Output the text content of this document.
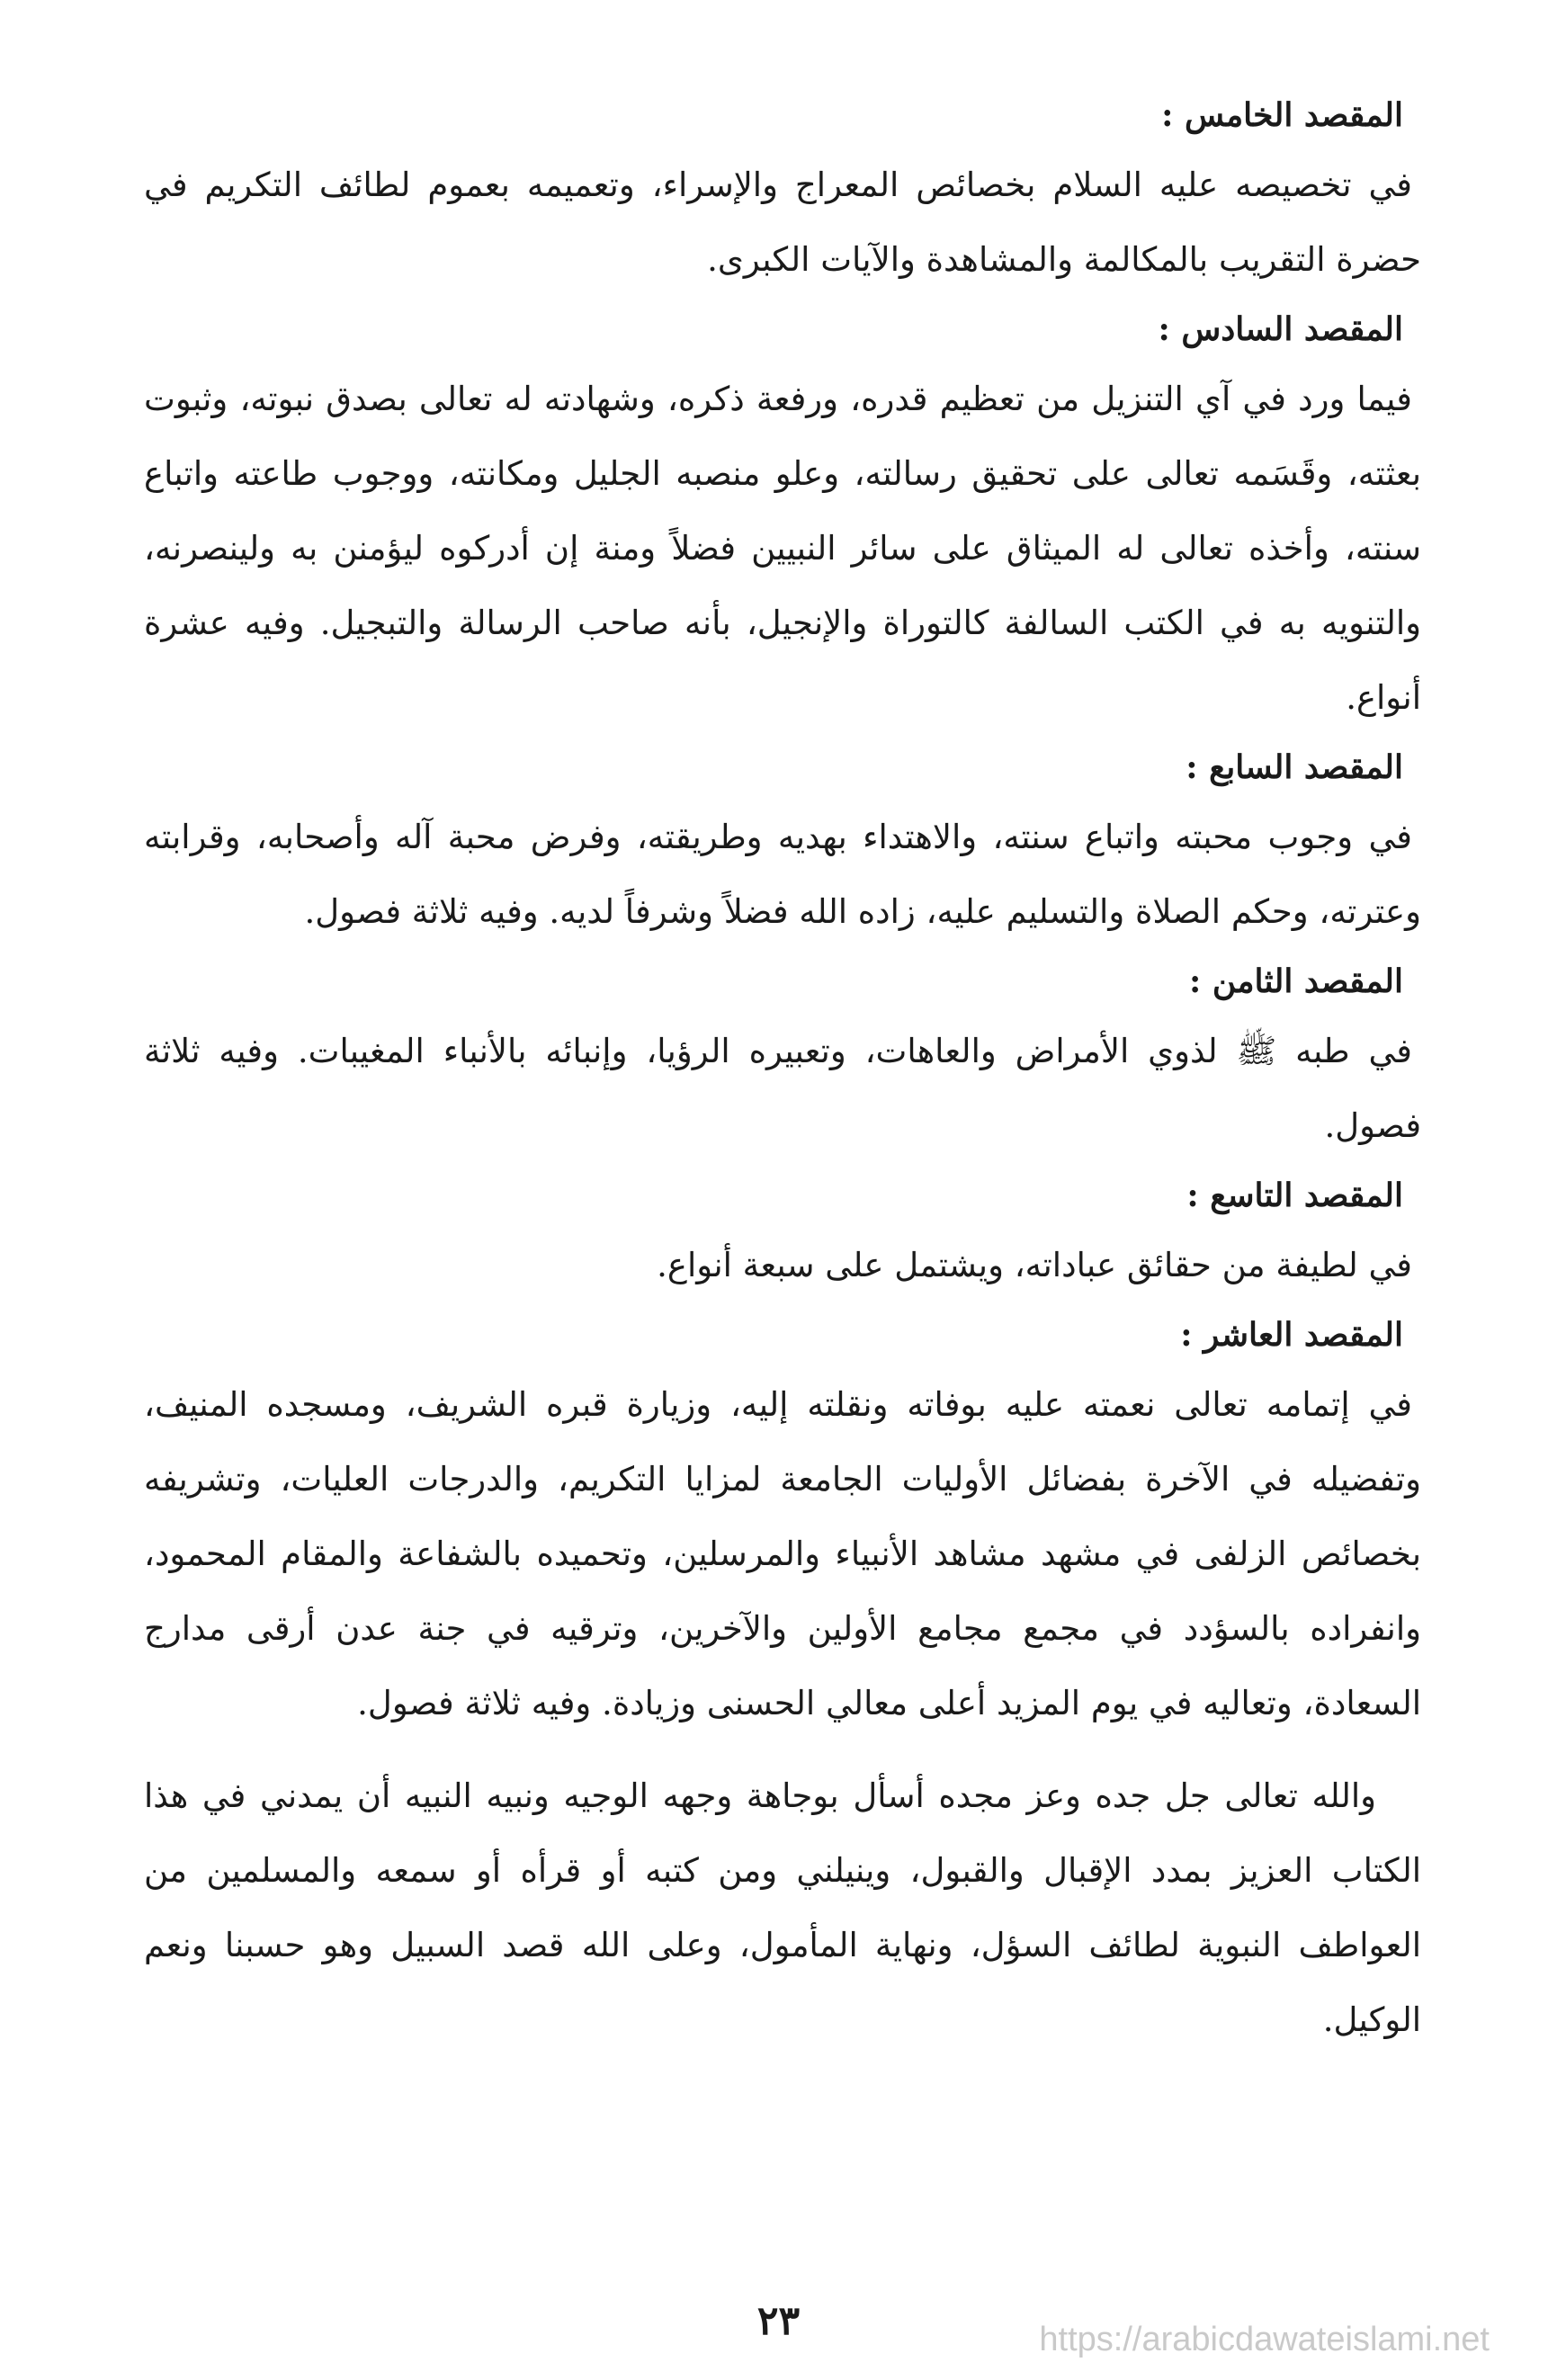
المقصد الخامس :

في تخصيصه عليه السلام بخصائص المعراج والإسراء، وتعميمه بعموم لطائف التكريم في حضرة التقريب بالمكالمة والمشاهدة والآيات الكبرى.

المقصد السادس :

فيما ورد في آي التنزيل من تعظيم قدره، ورفعة ذكره، وشهادته له تعالى بصدق نبوته، وثبوت بعثته، وقَسَمه تعالى على تحقيق رسالته، وعلو منصبه الجليل ومكانته، ووجوب طاعته واتباع سنته، وأخذه تعالى له الميثاق على سائر النبيين فضلاً ومنة إن أدركوه ليؤمنن به ولينصرنه، والتنويه به في الكتب السالفة كالتوراة والإنجيل، بأنه صاحب الرسالة والتبجيل. وفيه عشرة أنواع.

المقصد السابع :

في وجوب محبته واتباع سنته، والاهتداء بهديه وطريقته، وفرض محبة آله وأصحابه، وقرابته وعترته، وحكم الصلاة والتسليم عليه، زاده الله فضلاً وشرفاً لديه. وفيه ثلاثة فصول.

المقصد الثامن :

في طبه ﷺ لذوي الأمراض والعاهات، وتعبيره الرؤيا، وإنبائه بالأنباء المغيبات. وفيه ثلاثة فصول.

المقصد التاسع :

في لطيفة من حقائق عباداته، ويشتمل على سبعة أنواع.

المقصد العاشر :

في إتمامه تعالى نعمته عليه بوفاته ونقلته إليه، وزيارة قبره الشريف، ومسجده المنيف، وتفضيله في الآخرة بفضائل الأوليات الجامعة لمزايا التكريم، والدرجات العليات، وتشريفه بخصائص الزلفى في مشهد مشاهد الأنبياء والمرسلين، وتحميده بالشفاعة والمقام المحمود، وانفراده بالسؤدد في مجمع مجامع الأولين والآخرين، وترقيه في جنة عدن أرقى مدارج السعادة، وتعاليه في يوم المزيد أعلى معالي الحسنى وزيادة. وفيه ثلاثة فصول.

والله تعالى جل جده وعز مجده أسأل بوجاهة وجهه الوجيه ونبيه النبيه أن يمدني في هذا الكتاب العزيز بمدد الإقبال والقبول، وينيلني ومن كتبه أو قرأه أو سمعه والمسلمين من العواطف النبوية لطائف السؤل، ونهاية المأمول، وعلى الله قصد السبيل وهو حسبنا ونعم الوكيل.

٢٣	https://arabicdawateislami.net
